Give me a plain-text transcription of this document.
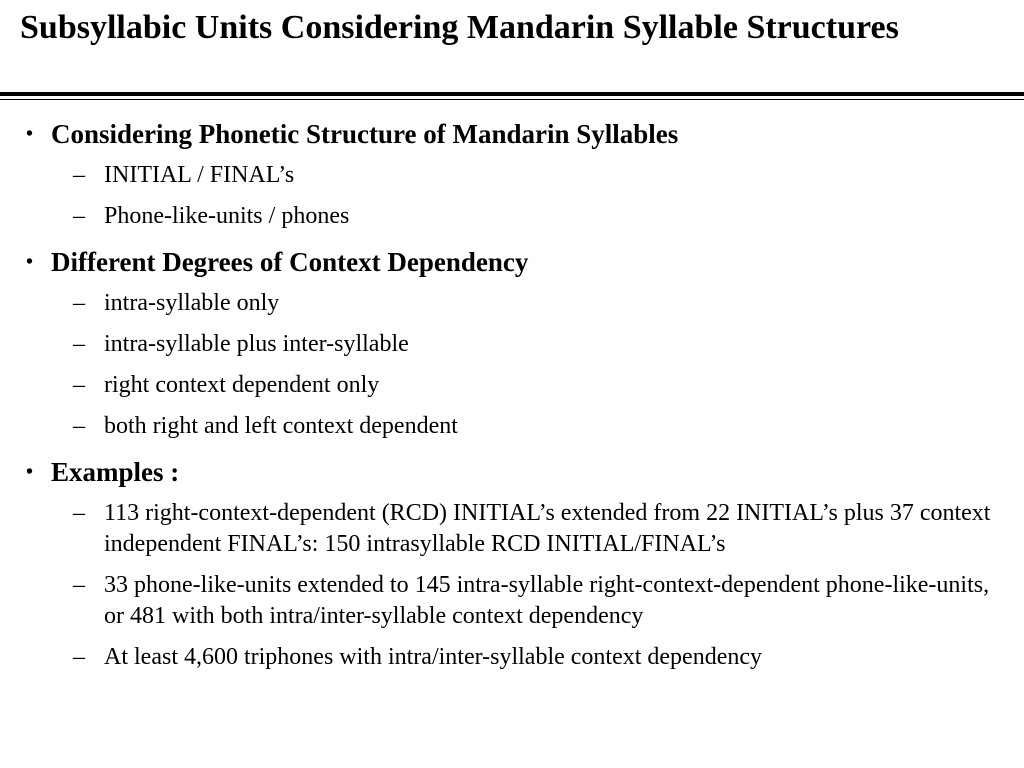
Subsyllabic Units Considering Mandarin Syllable Structures
• Considering Phonetic Structure of Mandarin Syllables
– INITIAL / FINAL’s
– Phone-like-units / phones
• Different Degrees of Context Dependency
– intra-syllable only
– intra-syllable plus inter-syllable
– right context dependent only
– both right and left context dependent
• Examples :
– 113 right-context-dependent (RCD) INITIAL’s extended from 22 INITIAL’s plus 37 context independent FINAL’s: 150 intrasyllable RCD INITIAL/FINAL’s
– 33 phone-like-units extended to 145 intra-syllable right-context-dependent phone-like-units, or 481 with both intra/inter-syllable context dependency
– At least 4,600 triphones with intra/inter-syllable context dependency
